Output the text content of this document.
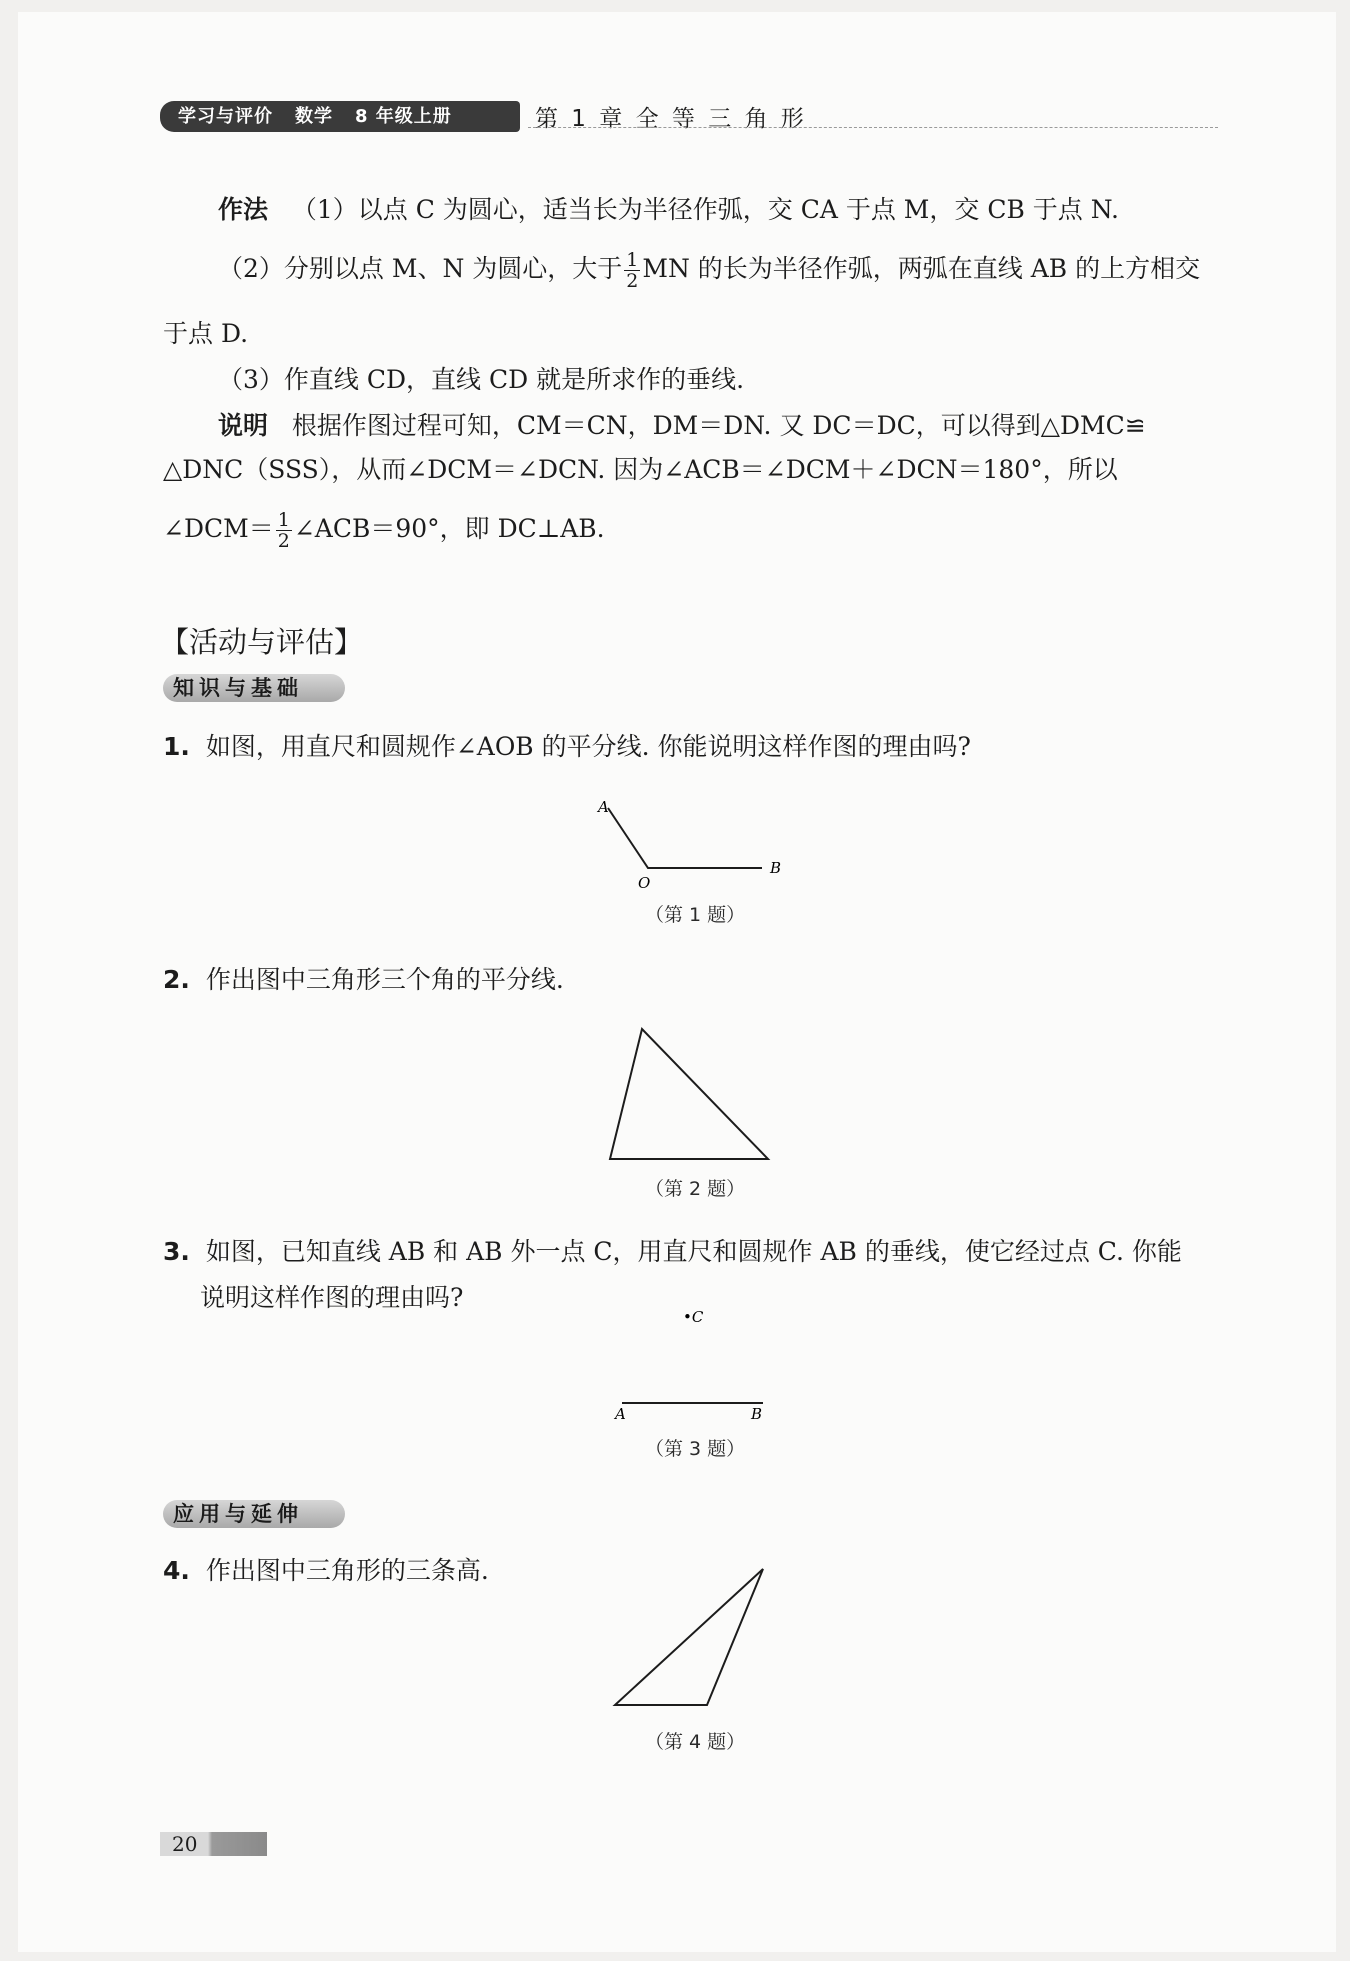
学习与评价 数学 8 年级上册	第 1 章 全 等 三 角 形
作法 （1）以点 C 为圆心，适当长为半径作弧，交 CA 于点 M，交 CB 于点 N.
（2）分别以点 M、N 为圆心，大于 $\frac{1}{2}$ MN 的长为半径作弧，两弧在直线 AB 的上方相交
于点 D.
（3）作直线 CD，直线 CD 就是所求作的垂线.
说明 根据作图过程可知，CM＝CN，DM＝DN. 又 DC＝DC，可以得到△DMC≌
△DNC（SSS），从而∠DCM＝∠DCN. 因为∠ACB＝∠DCM＋∠DCN＝180°，所以
∠DCM＝ $\frac{1}{2}$ ∠ACB＝90°，即 DC⊥AB.
【活动与评估】
知识与基础
1. 如图，用直尺和圆规作∠AOB 的平分线. 你能说明这样作图的理由吗?
A
O
B
（第 1 题）
2. 作出图中三角形三个角的平分线.
（第 2 题）
3. 如图，已知直线 AB 和 AB 外一点 C，用直尺和圆规作 AB 的垂线，使它经过点 C. 你能
说明这样作图的理由吗?
•C
A	B
（第 3 题）
应用与延伸
4. 作出图中三角形的三条高.
（第 4 题）
20
